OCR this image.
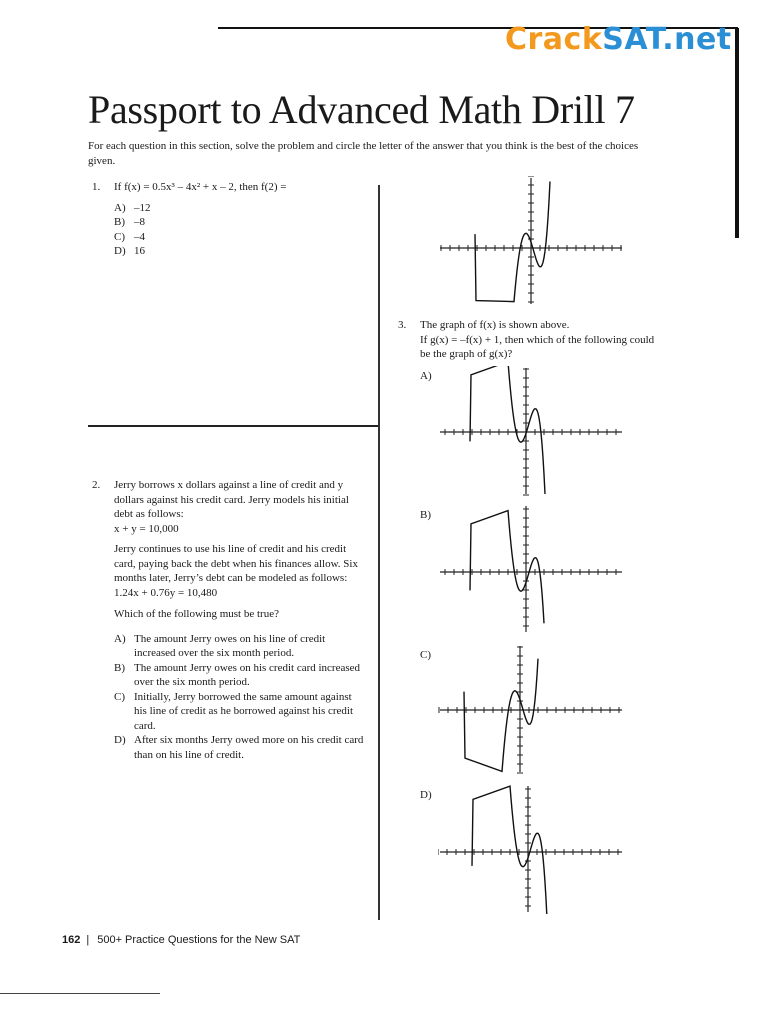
CrackSAT.net
Passport to Advanced Math Drill 7
For each question in this section, solve the problem and circle the letter of the answer that you think is the best of the choices given.
1. If f(x) = 0.5x³ – 4x² + x – 2, then f(2) =
A) –12
B) –8
C) –4
D) 16
2. Jerry borrows x dollars against a line of credit and y dollars against his credit card. Jerry models his initial debt as follows:
x + y = 10,000
Jerry continues to use his line of credit and his credit card, paying back the debt when his finances allow. Six months later, Jerry’s debt can be modeled as follows:
1.24x + 0.76y = 10,480
Which of the following must be true?
A) The amount Jerry owes on his line of credit increased over the six month period.
B) The amount Jerry owes on his credit card increased over the six month period.
C) Initially, Jerry borrowed the same amount against his line of credit as he borrowed against his credit card.
D) After six months Jerry owed more on his credit card than on his line of credit.
3. The graph of f(x) is shown above.
If g(x) = –f(x) + 1, then which of the following could be the graph of g(x)?
A)
B)
C)
D)
162 | 500+ Practice Questions for the New SAT
